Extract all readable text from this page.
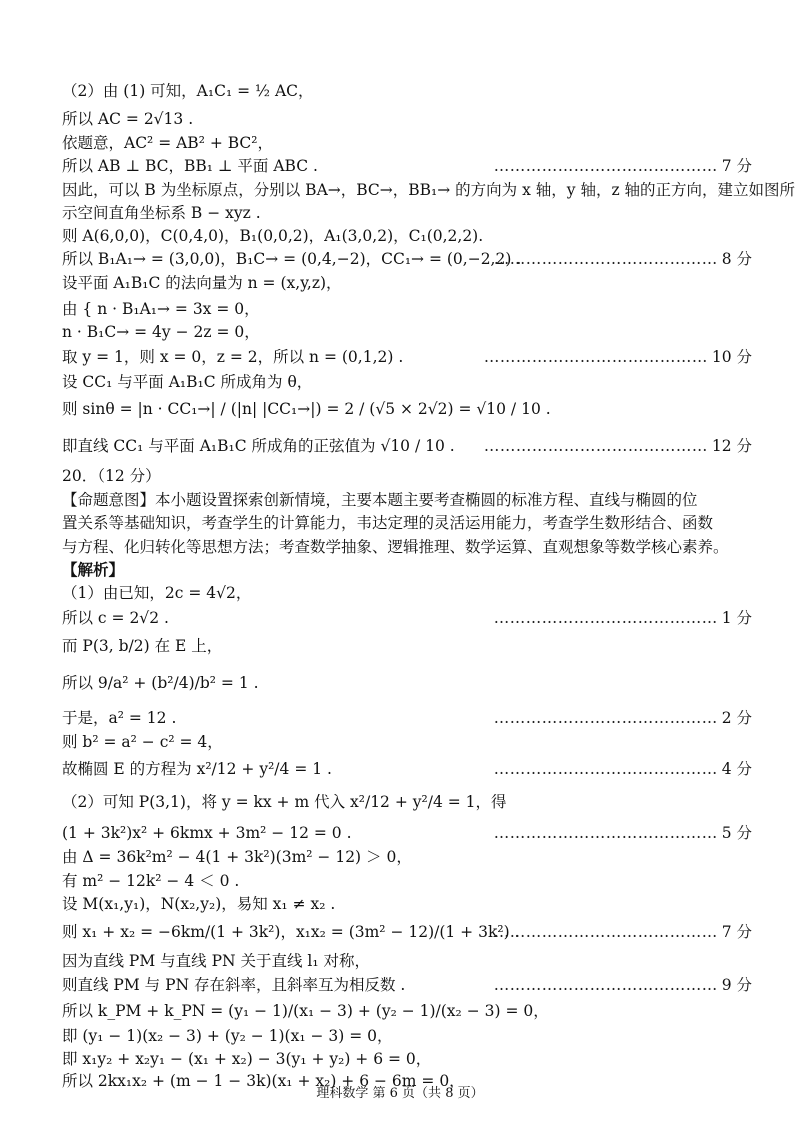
（2）由 (1) 可知，A₁C₁ = ½ AC，
所以 AC = 2√13 .
依题意，AC² = AB² + BC²，
所以 AB ⊥ BC，BB₁ ⊥ 平面 ABC .	…………………………………… 7 分
因此，可以 B 为坐标原点，分别以 BA→，BC→，BB₁→ 的方向为 x 轴，y 轴，z 轴的正方向，建立如图所
示空间直角坐标系 B − xyz .
则 A(6,0,0)，C(0,4,0)，B₁(0,0,2)，A₁(3,0,2)，C₁(0,2,2).
所以 B₁A₁→ = (3,0,0)，B₁C→ = (0,4,−2)，CC₁→ = (0,−2,2) .
…………………………………… 8 分
设平面 A₁B₁C 的法向量为 n = (x,y,z)，
由 { n · B₁A₁→ = 3x = 0，
n · B₁C→ = 4y − 2z = 0，
取 y = 1，则 x = 0，z = 2，所以 n = (0,1,2) .	…………………………………… 10 分
设 CC₁ 与平面 A₁B₁C 所成角为 θ，
则 sinθ = |n · CC₁→| / (|n| |CC₁→|) = 2 / (√5 × 2√2) = √10 / 10 .
即直线 CC₁ 与平面 A₁B₁C 所成角的正弦值为 √10 / 10 . …………………………………… 12 分
20．（12 分）
【命题意图】本小题设置探索创新情境，主要本题主要考查椭圆的标准方程、直线与椭圆的位
置关系等基础知识，考查学生的计算能力，韦达定理的灵活运用能力，考查学生数形结合、函数
与方程、化归转化等思想方法；考查数学抽象、逻辑推理、数学运算、直观想象等数学核心素养。
【解析】
（1）由已知，2c = 4√2，
所以 c = 2√2 .	…………………………………… 1 分
而 P(3, b/2) 在 E 上，
所以 9/a² + (b²/4)/b² = 1 .
于是，a² = 12 .	…………………………………… 2 分
则 b² = a² − c² = 4，
故椭圆 E 的方程为 x²/12 + y²/4 = 1 .	…………………………………… 4 分
（2）可知 P(3,1)，将 y = kx + m 代入 x²/12 + y²/4 = 1，得
(1 + 3k²)x² + 6kmx + 3m² − 12 = 0 .	…………………………………… 5 分
由 Δ = 36k²m² − 4(1 + 3k²)(3m² − 12) ＞ 0，
有 m² − 12k² − 4 ＜ 0 .
设 M(x₁,y₁)，N(x₂,y₂)，易知 x₁ ≠ x₂ .
则 x₁ + x₂ = −6km/(1 + 3k²)，x₁x₂ = (3m² − 12)/(1 + 3k²) .
…………………………………… 7 分
因为直线 PM 与直线 PN 关于直线 l₁ 对称，
则直线 PM 与 PN 存在斜率，且斜率互为相反数 .	…………………………………… 9 分
所以 k_PM + k_PN = (y₁ − 1)/(x₁ − 3) + (y₂ − 1)/(x₂ − 3) = 0，
即 (y₁ − 1)(x₂ − 3) + (y₂ − 1)(x₁ − 3) = 0，
即 x₁y₂ + x₂y₁ − (x₁ + x₂) − 3(y₁ + y₂) + 6 = 0，
所以 2kx₁x₂ + (m − 1 − 3k)(x₁ + x₂) + 6 − 6m = 0，
理科数学 第 6 页（共 8 页）
